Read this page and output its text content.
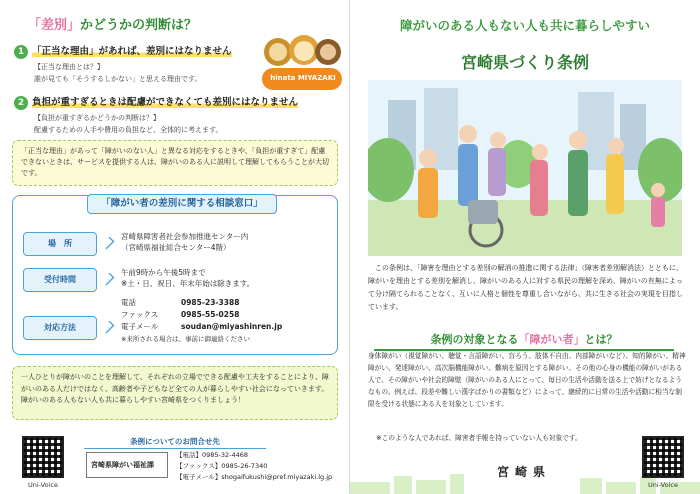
「差別」かどうかの判断は？
hinata MIYAZAKI
1 「正当な理由」があれば、差別にはなりません
【正当な理由とは？】
誰が見ても「そうするしかない」と思える理由です。
2 負担が重すぎるときは配慮ができなくても差別にはなりません
【負担が重すぎるかどうかの判断は？】
配慮するための人手や費用の負担など、全体的に考えます。
「正当な理由」があって「障がいのない人」と異なる対応をするときや、「負担が重すぎて」配慮できないときは、サービスを提供する人は、障がいのある人に説明して理解してもらうことが大切です。
「障がい者の差別に関する相談窓口」
場　所
宮崎県障害者社会参加推進センター内
（宮崎県福祉総合センター4階）
受付時間
午前9時から午後5時まで
※土・日、祝日、年末年始は除きます。
対応方法
電話	0985-23-3388
ファックス	0985-55-0258
電子メール	soudan@miyashinren.jp
※来所される場合は、事前に御連絡ください
一人ひとりが障がいのことを理解して、それぞれの立場でできる配慮や工夫をすることにより、障がいのある人だけではなく、高齢者や子どもなど全ての人が暮らしやすい社会になっていきます。障がいのある人もない人も共に暮らしやすい宮崎県をつくりましょう！
Uni-Voice
条例についてのお問合せ先
宮崎県障がい福祉課
【電話】0985-32-4468
【ファックス】0985-26-7340
【電子メール】shogaifukushi@pref.miyazaki.lg.jp
障がいのある人もない人も共に暮らしやすい
宮崎県づくり条例
この条例は、「障害を理由とする差別の解消の推進に関する法律」（障害者差別解消法）とともに、障がいを理由とする差別を解消し、障がいのある人に対する県民の理解を深め、障がいの有無によって分け隔てられることなく、互いに人格と個性を尊重し合いながら、共に生きる社会の実現を目指しています。
条例の対象となる「障がい者」とは？
身体障がい（視覚障がい、聴覚・言語障がい、盲ろう、肢体不自由、内部障がいなど）、知的障がい、精神障がい、発達障がい、高次脳機能障がい、難病を原因とする障がい、その他の心身の機能の障がいがある人で、その障がいや社会的障壁（障がいのある人にとって、毎日の生活や活動を送る上で妨げとなるようなもの。例えば、段差や難しい漢字ばかりの書類など）によって、継続的に日常の生活や活動に相当な制限を受ける状態にある人を対象としています。
※このような人であれば、障害者手帳を持っていない人も対象です。
宮崎県
Uni-Voice
